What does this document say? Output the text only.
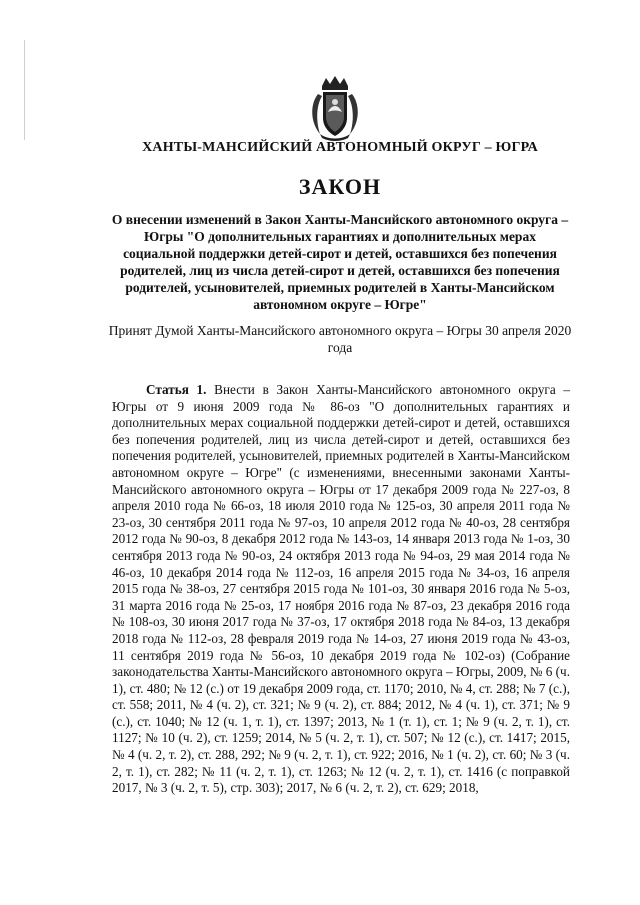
ХАНТЫ-МАНСИЙСКИЙ АВТОНОМНЫЙ ОКРУГ – ЮГРА
ЗАКОН
О внесении изменений в Закон Ханты-Мансийского автономного округа – Югры "О дополнительных гарантиях и дополнительных мерах социальной поддержки детей-сирот и детей, оставшихся без попечения родителей, лиц из числа детей-сирот и детей, оставшихся без попечения родителей, усыновителей, приемных родителей в Ханты-Мансийском автономном округе – Югре"
Принят Думой Ханты-Мансийского автономного округа – Югры 30 апреля 2020 года

Статья 1. Внести в Закон Ханты-Мансийского автономного округа – Югры от 9 июня 2009 года № 86-оз "О дополнительных гарантиях и дополнительных мерах социальной поддержки детей-сирот и детей, оставшихся без попечения родителей, лиц из числа детей-сирот и детей, оставшихся без попечения родителей, усыновителей, приемных родителей в Ханты-Мансийском автономном округе – Югре" (с изменениями, внесенными законами Ханты-Мансийского автономного округа – Югры от 17 декабря 2009 года № 227-оз, 8 апреля 2010 года № 66-оз, 18 июля 2010 года № 125-оз, 30 апреля 2011 года № 23-оз, 30 сентября 2011 года № 97-оз, 10 апреля 2012 года № 40-оз, 28 сентября 2012 года № 90-оз, 8 декабря 2012 года № 143-оз, 14 января 2013 года № 1-оз, 30 сентября 2013 года № 90-оз, 24 октября 2013 года № 94-оз, 29 мая 2014 года № 46-оз, 10 декабря 2014 года № 112-оз, 16 апреля 2015 года № 34-оз, 16 апреля 2015 года № 38-оз, 27 сентября 2015 года № 101-оз, 30 января 2016 года № 5-оз, 31 марта 2016 года № 25-оз, 17 ноября 2016 года № 87-оз, 23 декабря 2016 года № 108-оз, 30 июня 2017 года № 37-оз, 17 октября 2018 года № 84-оз, 13 декабря 2018 года № 112-оз, 28 февраля 2019 года № 14-оз, 27 июня 2019 года № 43-оз, 11 сентября 2019 года № 56-оз, 10 декабря 2019 года № 102-оз) (Собрание законодательства Ханты-Мансийского автономного округа – Югры, 2009, № 6 (ч. 1), ст. 480; № 12 (с.) от 19 декабря 2009 года, ст. 1170; 2010, № 4, ст. 288; № 7 (с.), ст. 558; 2011, № 4 (ч. 2), ст. 321; № 9 (ч. 2), ст. 884; 2012, № 4 (ч. 1), ст. 371; № 9 (с.), ст. 1040; № 12 (ч. 1, т. 1), ст. 1397; 2013, № 1 (т. 1), ст. 1; № 9 (ч. 2, т. 1), ст. 1127; № 10 (ч. 2), ст. 1259; 2014, № 5 (ч. 2, т. 1), ст. 507; № 12 (с.), ст. 1417; 2015, № 4 (ч. 2, т. 2), ст. 288, 292; № 9 (ч. 2, т. 1), ст. 922; 2016, № 1 (ч. 2), ст. 60; № 3 (ч. 2, т. 1), ст. 282; № 11 (ч. 2, т. 1), ст. 1263; № 12 (ч. 2, т. 1), ст. 1416 (с поправкой 2017, № 3 (ч. 2, т. 5), стр. 303); 2017, № 6 (ч. 2, т. 2), ст. 629; 2018,
